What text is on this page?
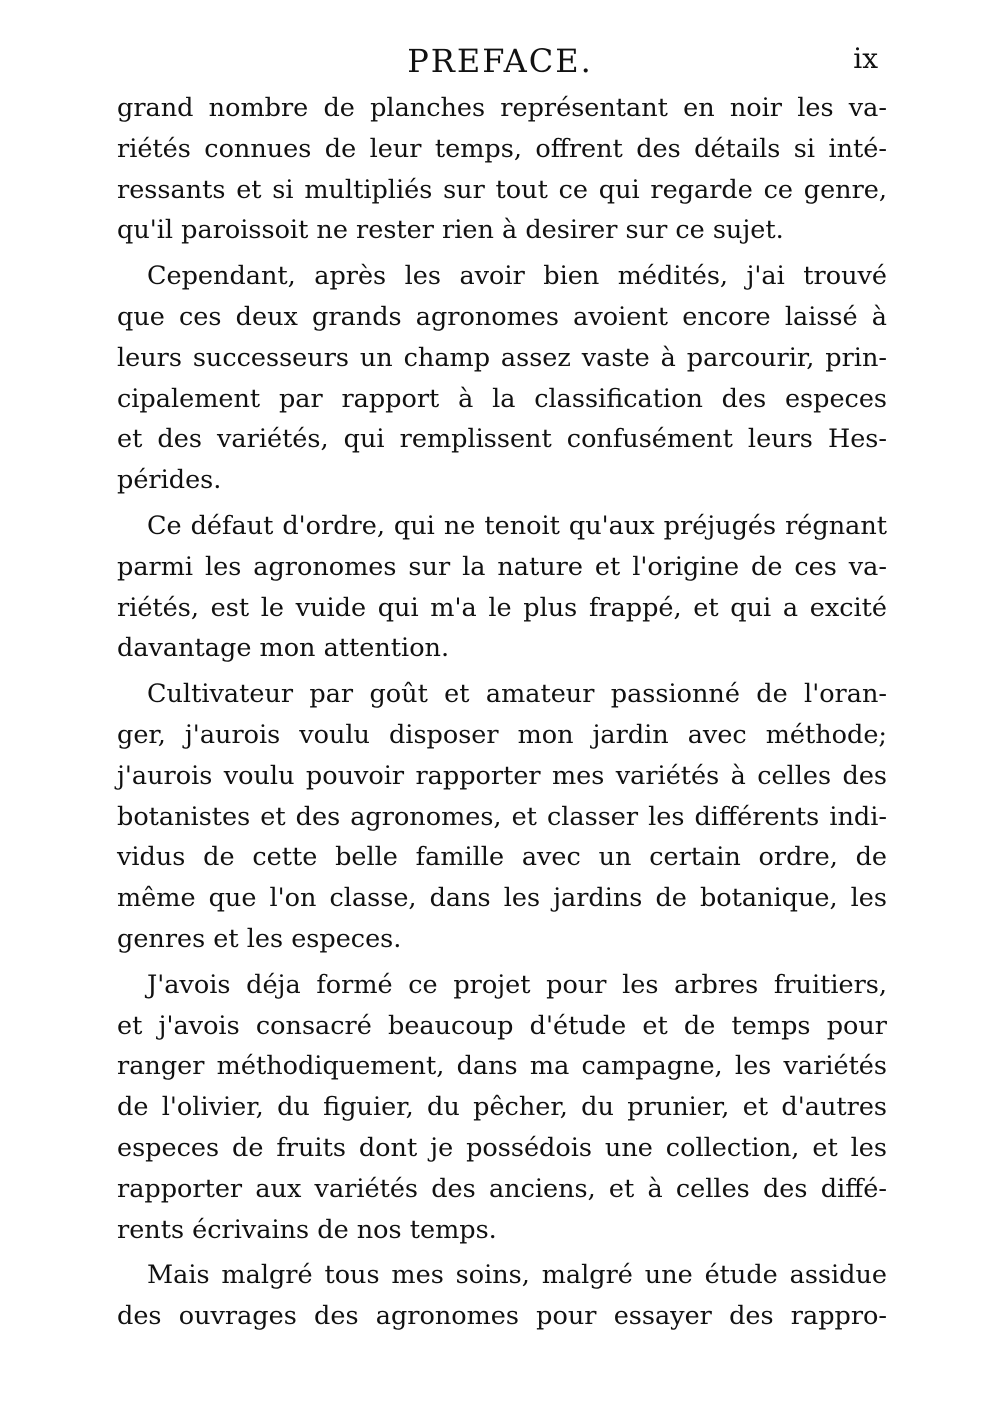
PREFACE.	ix
grand nombre de planches représentant en noir les va-
riétés connues de leur temps, offrent des détails si inté-
ressants et si multipliés sur tout ce qui regarde ce genre,
qu'il paroissoit ne rester rien à desirer sur ce sujet.
Cependant, après les avoir bien médités, j'ai trouvé
que ces deux grands agronomes avoient encore laissé à
leurs successeurs un champ assez vaste à parcourir, prin-
cipalement par rapport à la classification des especes
et des variétés, qui remplissent confusément leurs Hes-
pérides.
Ce défaut d'ordre, qui ne tenoit qu'aux préjugés régnant
parmi les agronomes sur la nature et l'origine de ces va-
riétés, est le vuide qui m'a le plus frappé, et qui a excité
davantage mon attention.
Cultivateur par goût et amateur passionné de l'oran-
ger, j'aurois voulu disposer mon jardin avec méthode;
j'aurois voulu pouvoir rapporter mes variétés à celles des
botanistes et des agronomes, et classer les différents indi-
vidus de cette belle famille avec un certain ordre, de
même que l'on classe, dans les jardins de botanique, les
genres et les especes.
J'avois déja formé ce projet pour les arbres fruitiers,
et j'avois consacré beaucoup d'étude et de temps pour
ranger méthodiquement, dans ma campagne, les variétés
de l'olivier, du figuier, du pêcher, du prunier, et d'autres
especes de fruits dont je possédois une collection, et les
rapporter aux variétés des anciens, et à celles des diffé-
rents écrivains de nos temps.
Mais malgré tous mes soins, malgré une étude assidue
des ouvrages des agronomes pour essayer des rappro-
